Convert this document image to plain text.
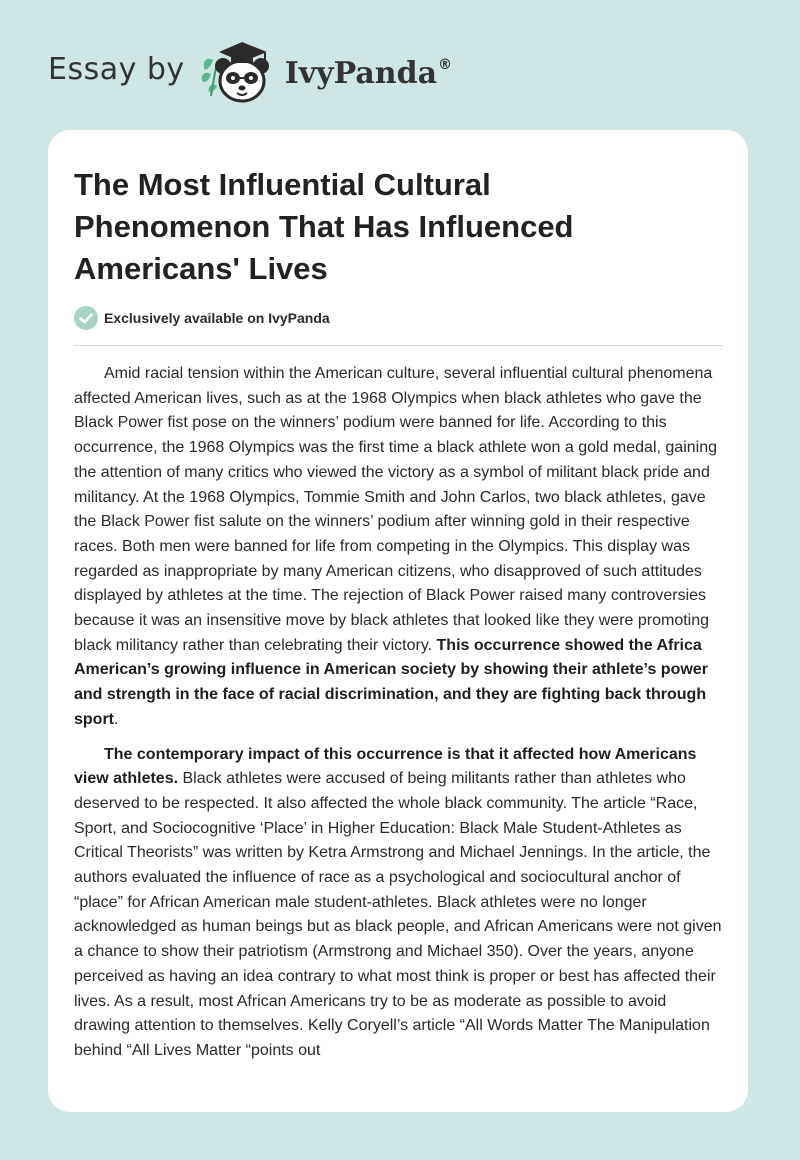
Essay by	IvyPanda®
The Most Influential Cultural Phenomenon That Has Influenced Americans' Lives
Exclusively available on IvyPanda

Amid racial tension within the American culture, several influential cultural phenomena affected American lives, such as at the 1968 Olympics when black athletes who gave the Black Power fist pose on the winners’ podium were banned for life. According to this occurrence, the 1968 Olympics was the first time a black athlete won a gold medal, gaining the attention of many critics who viewed the victory as a symbol of militant black pride and militancy. At the 1968 Olympics, Tommie Smith and John Carlos, two black athletes, gave the Black Power fist salute on the winners’ podium after winning gold in their respective races. Both men were banned for life from competing in the Olympics. This display was regarded as inappropriate by many American citizens, who disapproved of such attitudes displayed by athletes at the time. The rejection of Black Power raised many controversies because it was an insensitive move by black athletes that looked like they were promoting black militancy rather than celebrating their victory. This occurrence showed the Africa American’s growing influence in American society by showing their athlete’s power and strength in the face of racial discrimination, and they are fighting back through sport.

The contemporary impact of this occurrence is that it affected how Americans view athletes. Black athletes were accused of being militants rather than athletes who deserved to be respected. It also affected the whole black community. The article “Race, Sport, and Sociocognitive ‘Place’ in Higher Education: Black Male Student-Athletes as Critical Theorists” was written by Ketra Armstrong and Michael Jennings. In the article, the authors evaluated the influence of race as a psychological and sociocultural anchor of “place” for African American male student-athletes. Black athletes were no longer acknowledged as human beings but as black people, and African Americans were not given a chance to show their patriotism (Armstrong and Michael 350). Over the years, anyone perceived as having an idea contrary to what most think is proper or best has affected their lives. As a result, most African Americans try to be as moderate as possible to avoid drawing attention to themselves. Kelly Coryell’s article “All Words Matter The Manipulation behind “All Lives Matter “points out
